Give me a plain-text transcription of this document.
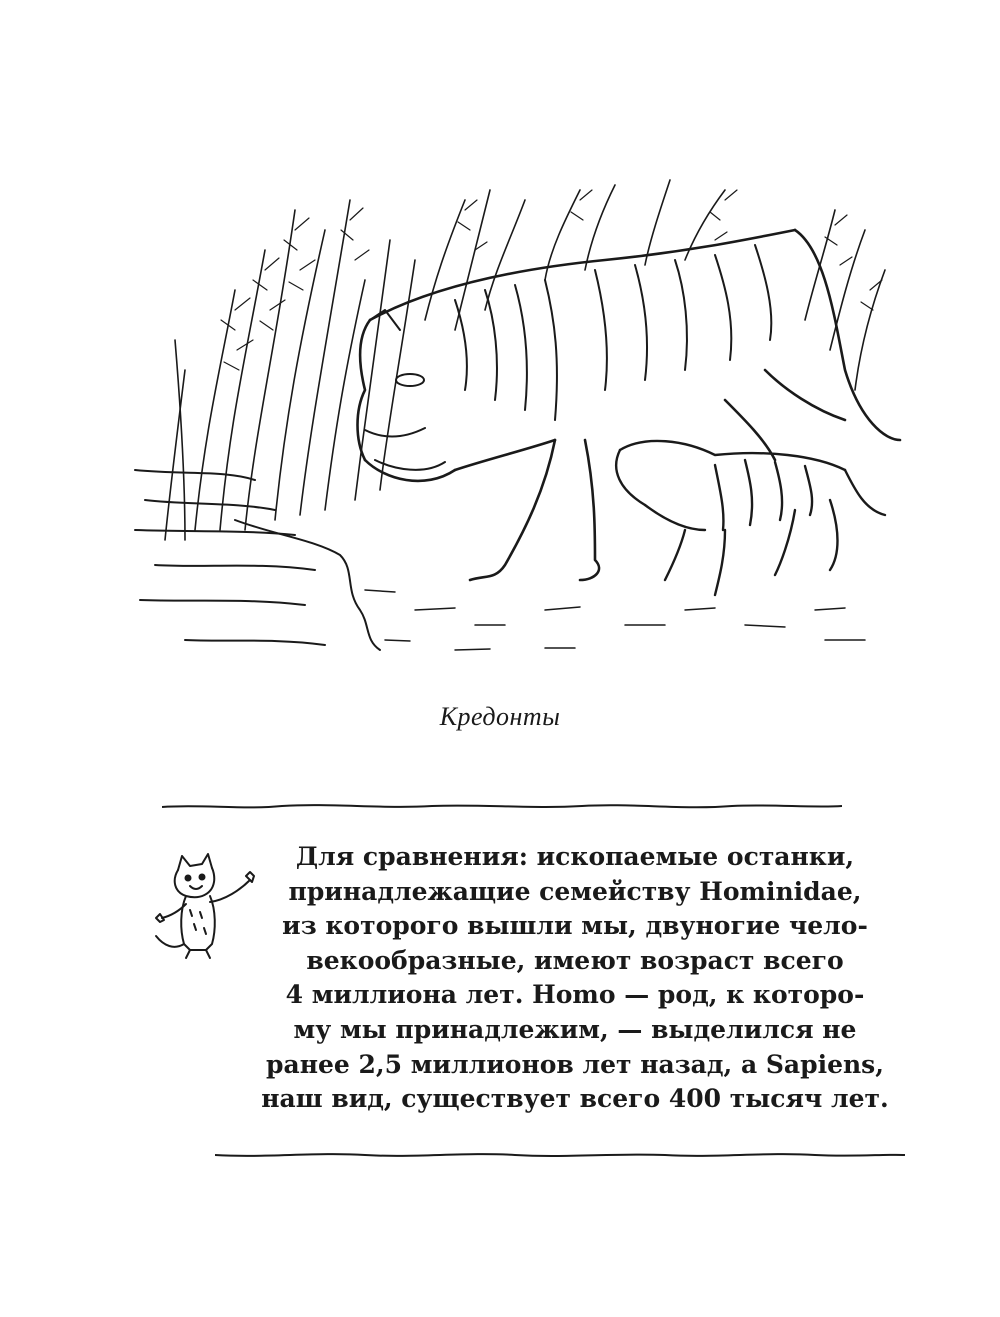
Кредонты
Для сравнения: ископаемые останки,
принадлежащие семейству Hominidae,
из которого вышли мы, двуногие чело-
векообразные, имеют возраст всего
4 миллиона лет. Homo — род, к которо-
му мы принадлежим, — выделился не
ранее 2,5 миллионов лет назад, а Sapiens,
наш вид, существует всего 400 тысяч лет.
